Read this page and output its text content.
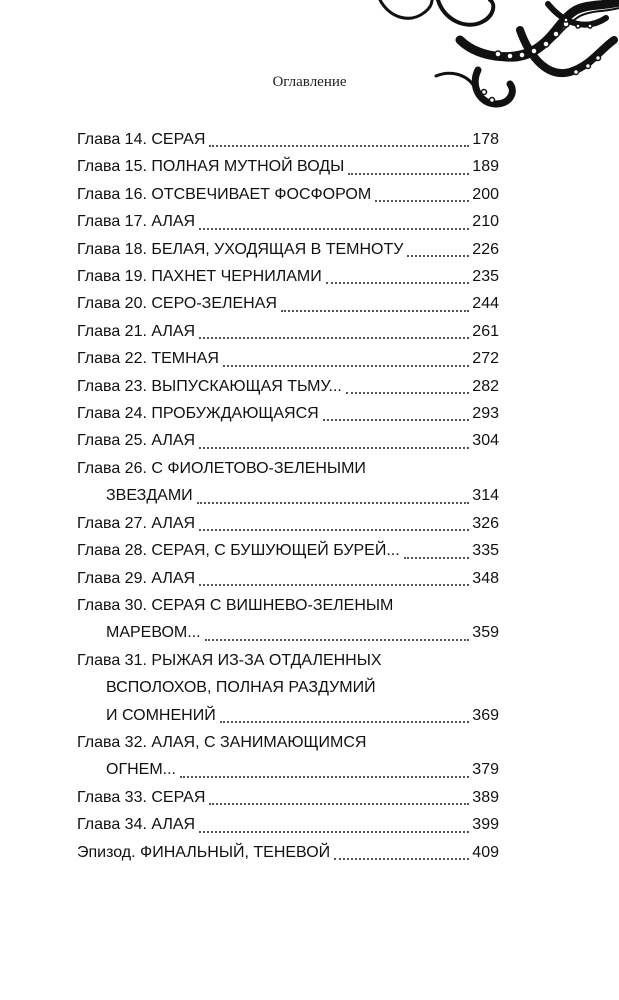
Оглавление
Глава 14. СЕРАЯ	178
Глава 15. ПОЛНАЯ МУТНОЙ ВОДЫ	189
Глава 16. ОТСВЕЧИВАЕТ ФОСФОРОМ	200
Глава 17. АЛАЯ	210
Глава 18. БЕЛАЯ, УХОДЯЩАЯ В ТЕМНОТУ	226
Глава 19. ПАХНЕТ ЧЕРНИЛАМИ	235
Глава 20. СЕРО-ЗЕЛЕНАЯ	244
Глава 21. АЛАЯ	261
Глава 22. ТЕМНАЯ	272
Глава 23. ВЫПУСКАЮЩАЯ ТЬМУ...	282
Глава 24. ПРОБУЖДАЮЩАЯСЯ	293
Глава 25. АЛАЯ	304
Глава 26. С ФИОЛЕТОВО-ЗЕЛЕНЫМИ
ЗВЕЗДАМИ	314
Глава 27. АЛАЯ	326
Глава 28. СЕРАЯ, С БУШУЮЩЕЙ БУРЕЙ...	335
Глава 29. АЛАЯ	348
Глава 30. СЕРАЯ С ВИШНЕВО-ЗЕЛЕНЫМ
МАРЕВОМ...	359
Глава 31. РЫЖАЯ ИЗ-ЗА ОТДАЛЕННЫХ
ВСПОЛОХОВ, ПОЛНАЯ РАЗДУМИЙ
И СОМНЕНИЙ	369
Глава 32. АЛАЯ, С ЗАНИМАЮЩИМСЯ
ОГНЕМ...	379
Глава 33. СЕРАЯ	389
Глава 34. АЛАЯ	399
Эпизод. ФИНАЛЬНЫЙ, ТЕНЕВОЙ	409
